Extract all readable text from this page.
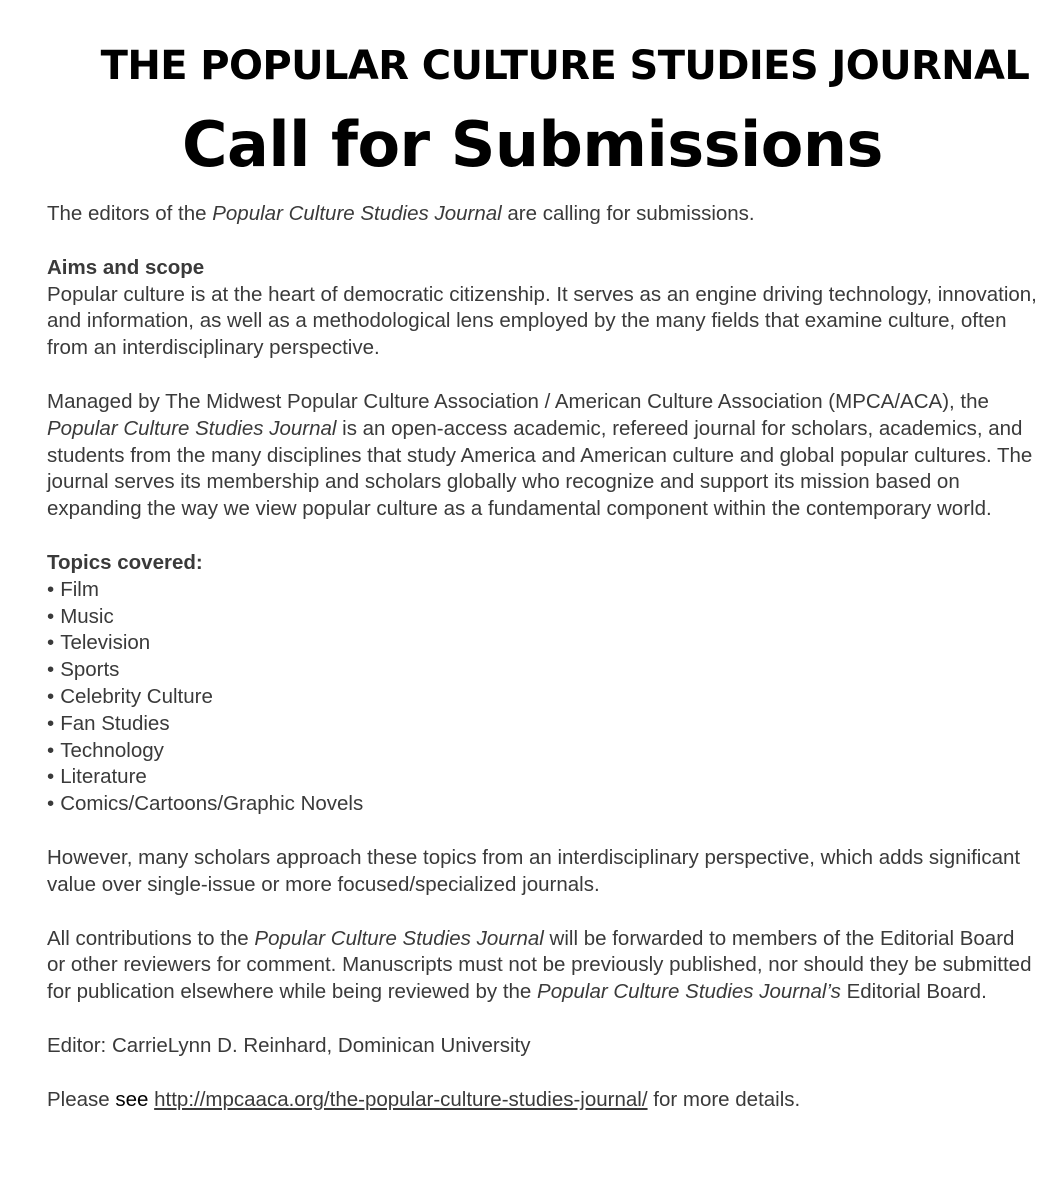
THE POPULAR CULTURE STUDIES JOURNAL
Call for Submissions

The editors of the Popular Culture Studies Journal are calling for submissions.

Aims and scope

Popular culture is at the heart of democratic citizenship. It serves as an engine driving technology, innovation, and information, as well as a methodological lens employed by the many fields that examine culture, often from an interdisciplinary perspective.

Managed by The Midwest Popular Culture Association / American Culture Association (MPCA/ACA), the Popular Culture Studies Journal is an open-access academic, refereed journal for scholars, academics, and students from the many disciplines that study America and American culture and global popular cultures. The journal serves its membership and scholars globally who recognize and support its mission based on expanding the way we view popular culture as a fundamental component within the contemporary world.

Topics covered:

• Film
• Music
• Television
• Sports
• Celebrity Culture
• Fan Studies
• Technology
• Literature
• Comics/Cartoons/Graphic Novels

However, many scholars approach these topics from an interdisciplinary perspective, which adds significant value over single-issue or more focused/specialized journals.

All contributions to the Popular Culture Studies Journal will be forwarded to members of the Editorial Board or other reviewers for comment. Manuscripts must not be previously published, nor should they be submitted for publication elsewhere while being reviewed by the Popular Culture Studies Journal’s Editorial Board.

Editor: CarrieLynn D. Reinhard, Dominican University

Please see http://mpcaaca.org/the-popular-culture-studies-journal/ for more details.
